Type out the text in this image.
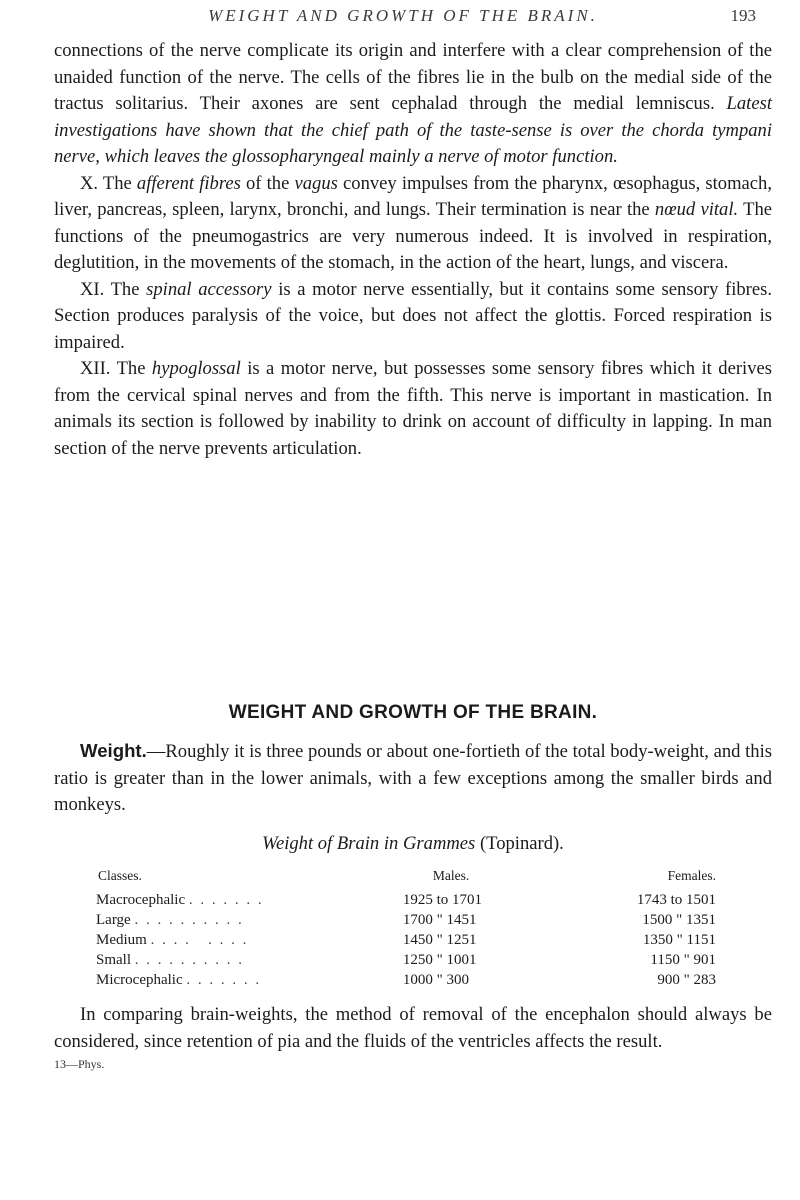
WEIGHT AND GROWTH OF THE BRAIN.	193

connections of the nerve complicate its origin and interfere with a clear comprehension of the unaided function of the nerve. The cells of the fibres lie in the bulb on the medial side of the tractus solitarius. Their axones are sent cephalad through the medial lemniscus. Latest investigations have shown that the chief path of the taste-sense is over the chorda tympani nerve, which leaves the glossopharyngeal mainly a nerve of motor function.

X. The afferent fibres of the vagus convey impulses from the pharynx, œsophagus, stomach, liver, pancreas, spleen, larynx, bronchi, and lungs. Their termination is near the nœud vital. The functions of the pneumogastrics are very numerous indeed. It is involved in respiration, deglutition, in the movements of the stomach, in the action of the heart, lungs, and viscera.

XI. The spinal accessory is a motor nerve essentially, but it contains some sensory fibres. Section produces paralysis of the voice, but does not affect the glottis. Forced respiration is impaired.

XII. The hypoglossal is a motor nerve, but possesses some sensory fibres which it derives from the cervical spinal nerves and from the fifth. This nerve is important in mastication. In animals its section is followed by inability to drink on account of difficulty in lapping. In man section of the nerve prevents articulation.

WEIGHT AND GROWTH OF THE BRAIN.

Weight.—Roughly it is three pounds or about one-fortieth of the total body-weight, and this ratio is greater than in the lower animals, with a few exceptions among the smaller birds and monkeys.

Weight of Brain in Grammes (Topinard).
Classes.	Males.	Females.
Macrocephalic . . . . . . .	1925 to 1701	1743 to 1501
Large . . . . . . . . . .	1700 " 1451	1500 " 1351
Medium . . . .   . . . .	1450 " 1251	1350 " 1151
Small . . . . . . . . . .	1250 " 1001	1150 " 901
Microcephalic . . . . . . .	1000 " 300	900 " 283

In comparing brain-weights, the method of removal of the encephalon should always be considered, since retention of pia and the fluids of the ventricles affects the result.

13—Phys.
